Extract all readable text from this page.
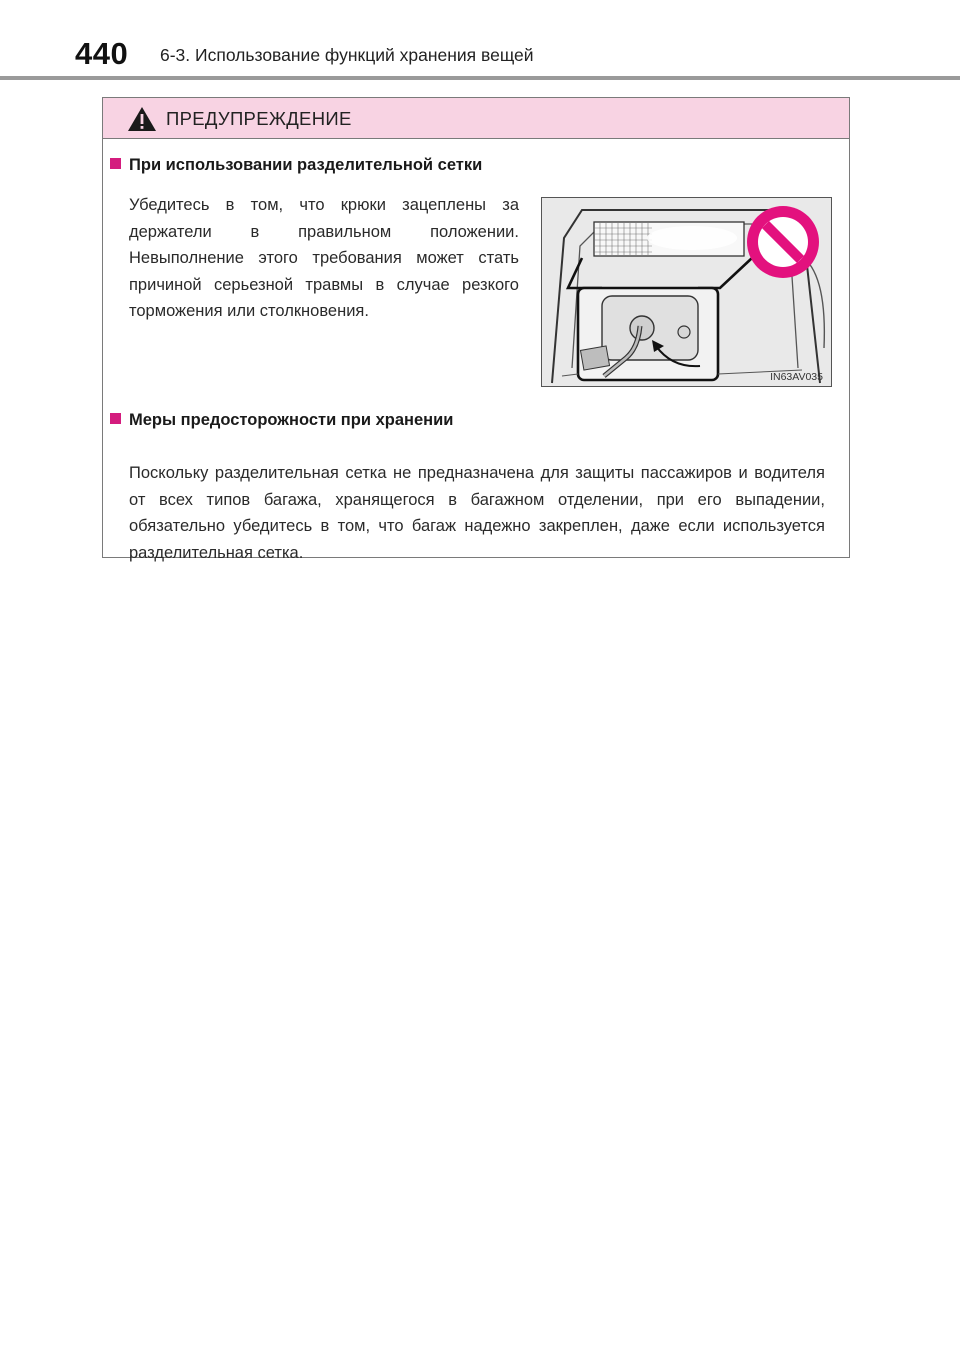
440 6-3. Использование функций хранения вещей
ПРЕДУПРЕЖДЕНИЕ
При использовании разделительной сетки
Убедитесь в том, что крюки зацеплены за держатели в правильном положении. Невыполнение этого требования может стать причиной серьезной травмы в случае резкого торможения или столкновения.
IN63AV035
Меры предосторожности при хранении
Поскольку разделительная сетка не предназначена для защиты пассажиров и водителя от всех типов багажа, хранящегося в багажном отделении, при его выпадении, обязательно убедитесь в том, что багаж надежно закреплен, даже если используется разделительная сетка.
